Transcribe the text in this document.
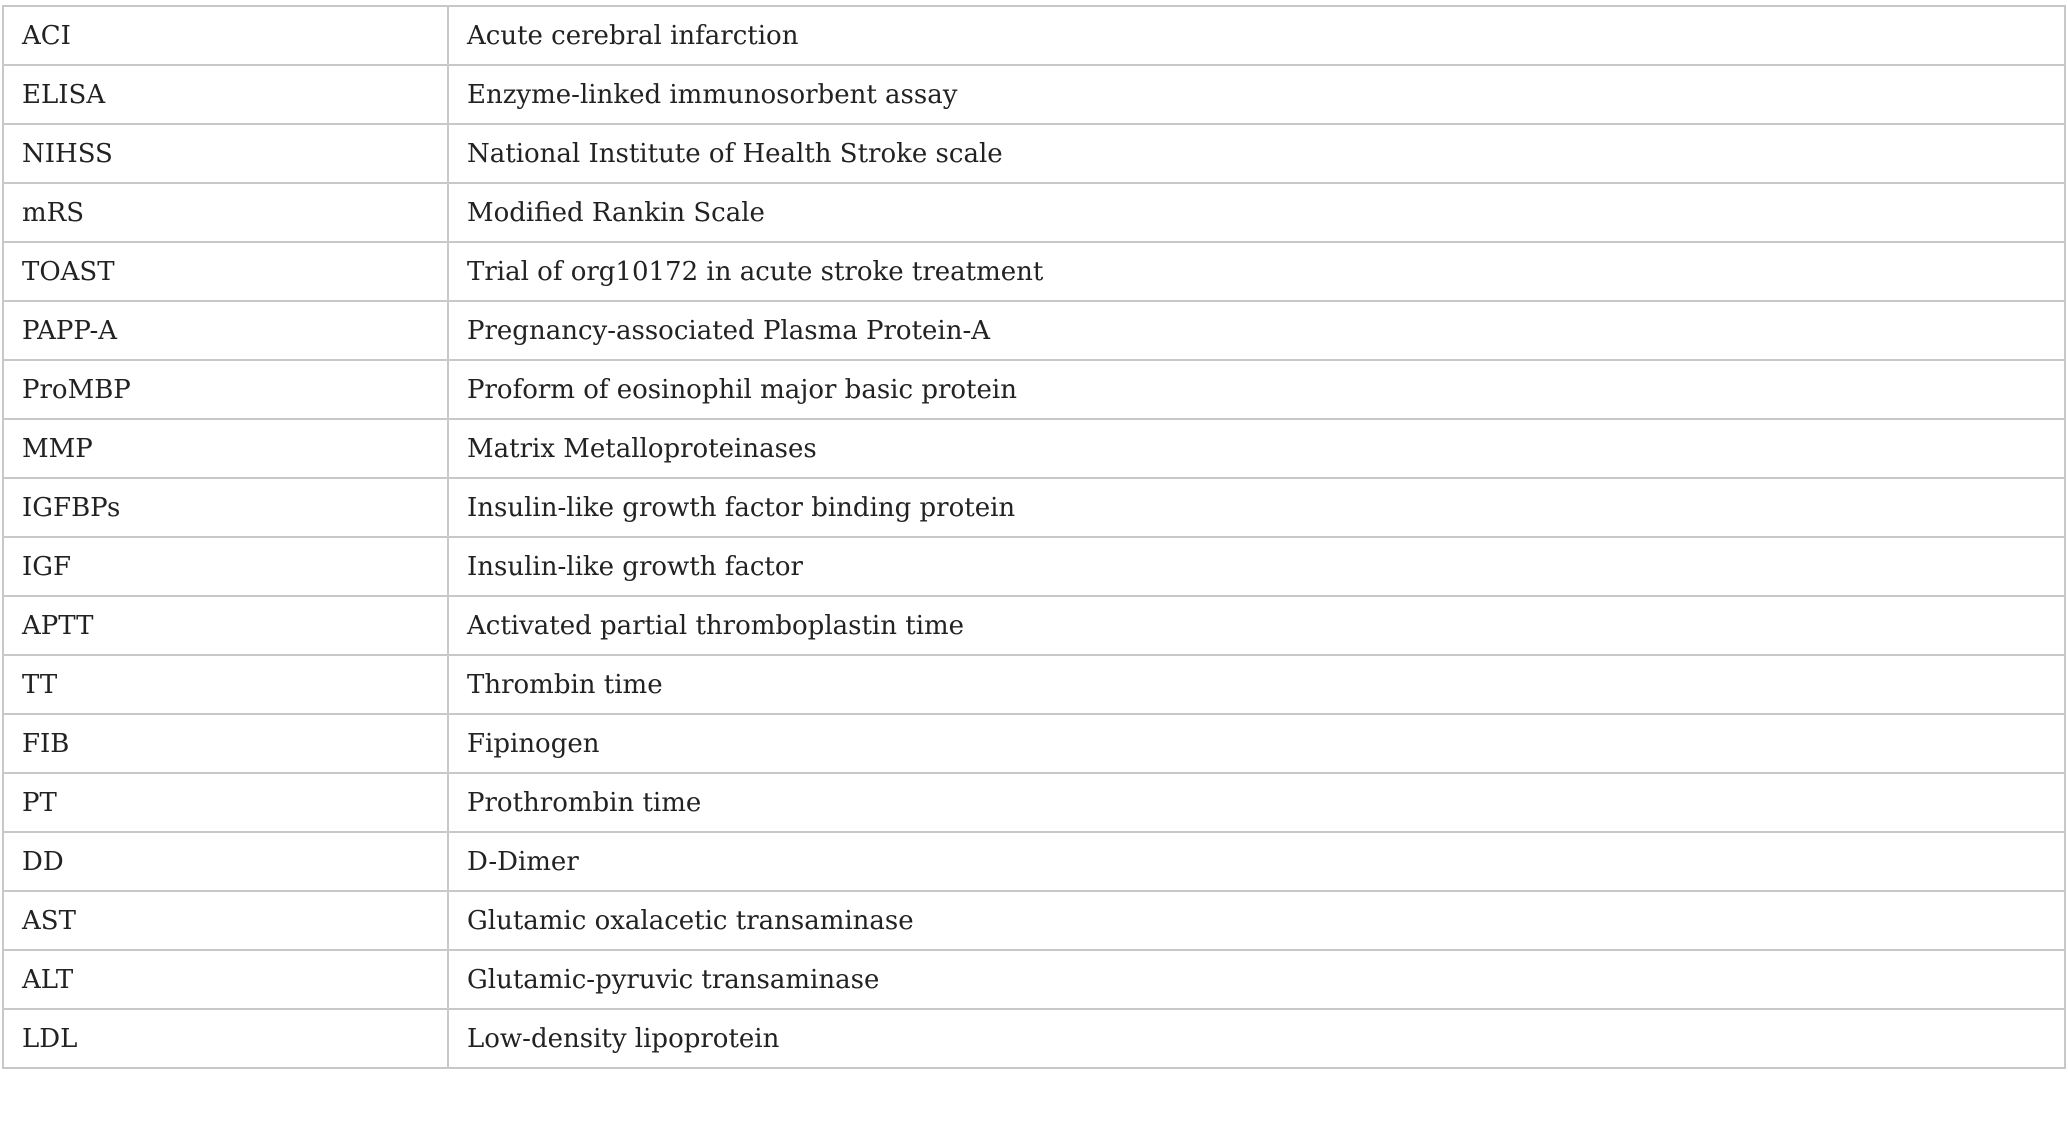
ACI	Acute cerebral infarction
ELISA	Enzyme-linked immunosorbent assay
NIHSS	National Institute of Health Stroke scale
mRS	Modified Rankin Scale
TOAST	Trial of org10172 in acute stroke treatment
PAPP-A	Pregnancy-associated Plasma Protein-A
ProMBP	Proform of eosinophil major basic protein
MMP	Matrix Metalloproteinases
IGFBPs	Insulin-like growth factor binding protein
IGF	Insulin-like growth factor
APTT	Activated partial thromboplastin time
TT	Thrombin time
FIB	Fipinogen
PT	Prothrombin time
DD	D-Dimer
AST	Glutamic oxalacetic transaminase
ALT	Glutamic-pyruvic transaminase
LDL	Low-density lipoprotein
